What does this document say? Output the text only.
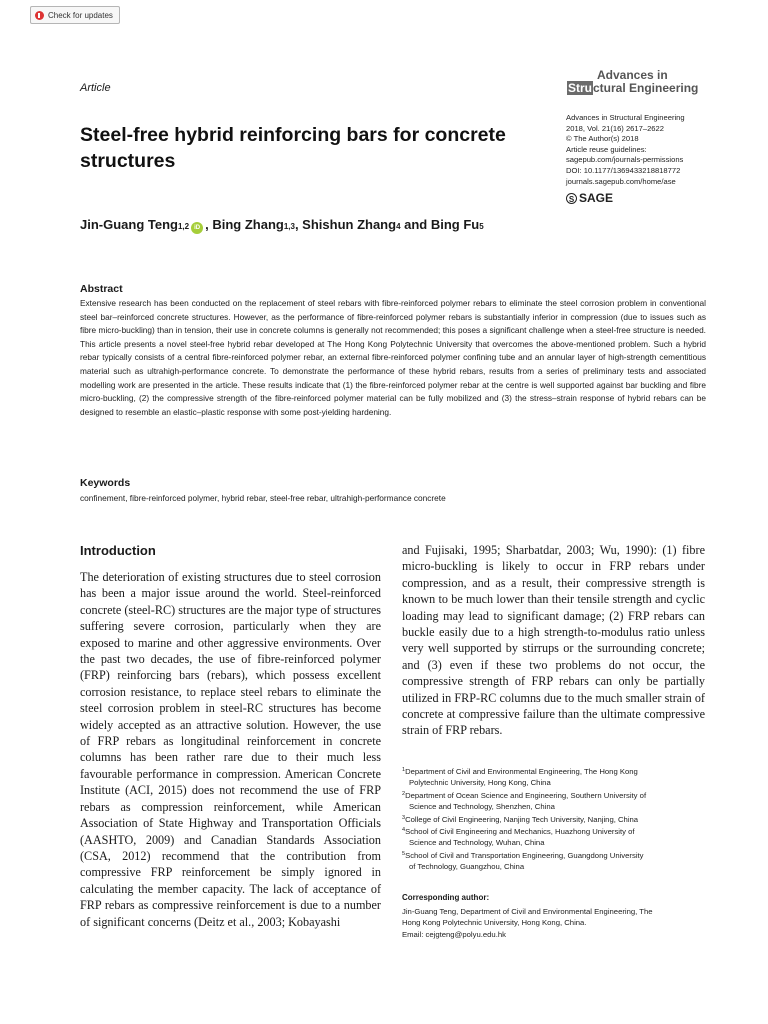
Check for updates
Article
Advances in
Stru ctural Engineering
Advances in Structural Engineering
2018, Vol. 21(16) 2617–2622
© The Author(s) 2018
Article reuse guidelines:
sagepub.com/journals-permissions
DOI: 10.1177/1369433218818772
journals.sagepub.com/home/ase
S SAGE
Steel-free hybrid reinforcing bars for concrete structures
Jin-Guang Teng 1,2 iD , Bing Zhang 1,3 , Shishun Zhang 4 and Bing Fu 5
Abstract
Extensive research has been conducted on the replacement of steel rebars with fibre-reinforced polymer rebars to eliminate the steel corrosion problem in conventional steel bar–reinforced concrete structures. However, as the performance of fibre-reinforced polymer rebars is substantially inferior in compression (due to issues such as fibre micro-buckling) than in tension, their use in concrete columns is generally not recommended; this poses a significant challenge when a steel-free structure is needed. This article presents a novel steel-free hybrid rebar developed at The Hong Kong Polytechnic University that overcomes the above-mentioned problem. Such a hybrid rebar typically consists of a central fibre-reinforced polymer rebar, an external fibre-reinforced polymer confining tube and an annular layer of high-strength cementitious material such as ultrahigh-performance concrete. To demonstrate the performance of these hybrid rebars, results from a series of preliminary tests and associated modelling work are presented in the article. These results indicate that (1) the fibre-reinforced polymer rebar at the centre is well supported against bar buckling and fibre micro-buckling, (2) the compressive strength of the fibre-reinforced polymer material can be fully mobilized and (3) the stress–strain response of hybrid rebars can be designed to resemble an elastic–plastic response with some post-yielding hardening.
Keywords
confinement, fibre-reinforced polymer, hybrid rebar, steel-free rebar, ultrahigh-performance concrete
Introduction
The deterioration of existing structures due to steel corrosion has been a major issue around the world. Steel-reinforced concrete (steel-RC) structures are the major type of structures suffering severe corrosion, particularly when they are exposed to marine and other aggressive environments. Over the past two decades, the use of fibre-reinforced polymer (FRP) reinforcing bars (rebars), which possess excellent corrosion resistance, to replace steel rebars to eliminate the steel corrosion problem in steel-RC structures has become widely accepted as an attractive solution. However, the use of FRP rebars as longitudinal reinforcement in concrete columns has been rather rare due to their much less favourable performance in compression. American Concrete Institute (ACI, 2015) does not recommend the use of FRP rebars as compression reinforcement, while American Association of State Highway and Transportation Officials (AASHTO, 2009) and Canadian Standards Association (CSA, 2012) recommend that the contribution from compressive FRP reinforcement be simply ignored in calculating the member capacity. The lack of acceptance of FRP rebars as compressive reinforcement is due to a number of significant concerns (Deitz et al., 2003; Kobayashi
and Fujisaki, 1995; Sharbatdar, 2003; Wu, 1990): (1) fibre micro-buckling is likely to occur in FRP rebars under compression, and as a result, their compressive strength is known to be much lower than their tensile strength and cyclic loading may lead to significant damage; (2) FRP rebars can buckle easily due to a high strength-to-modulus ratio unless very well supported by stirrups or the surrounding concrete; and (3) even if these two problems do not occur, the compressive strength of FRP rebars can only be partially utilized in FRP-RC columns due to the much smaller strain of concrete at compressive failure than the ultimate compressive strain of FRP rebars.
$^1$Department of Civil and Environmental Engineering, The Hong Kong
Polytechnic University, Hong Kong, China
$^2$Department of Ocean Science and Engineering, Southern University of
Science and Technology, Shenzhen, China
$^3$College of Civil Engineering, Nanjing Tech University, Nanjing, China
$^4$School of Civil Engineering and Mechanics, Huazhong University of
Science and Technology, Wuhan, China
$^5$School of Civil and Transportation Engineering, Guangdong University
of Technology, Guangzhou, China
Corresponding author:
Jin-Guang Teng, Department of Civil and Environmental Engineering, The
Hong Kong Polytechnic University, Hong Kong, China.
Email: cejgteng@polyu.edu.hk
